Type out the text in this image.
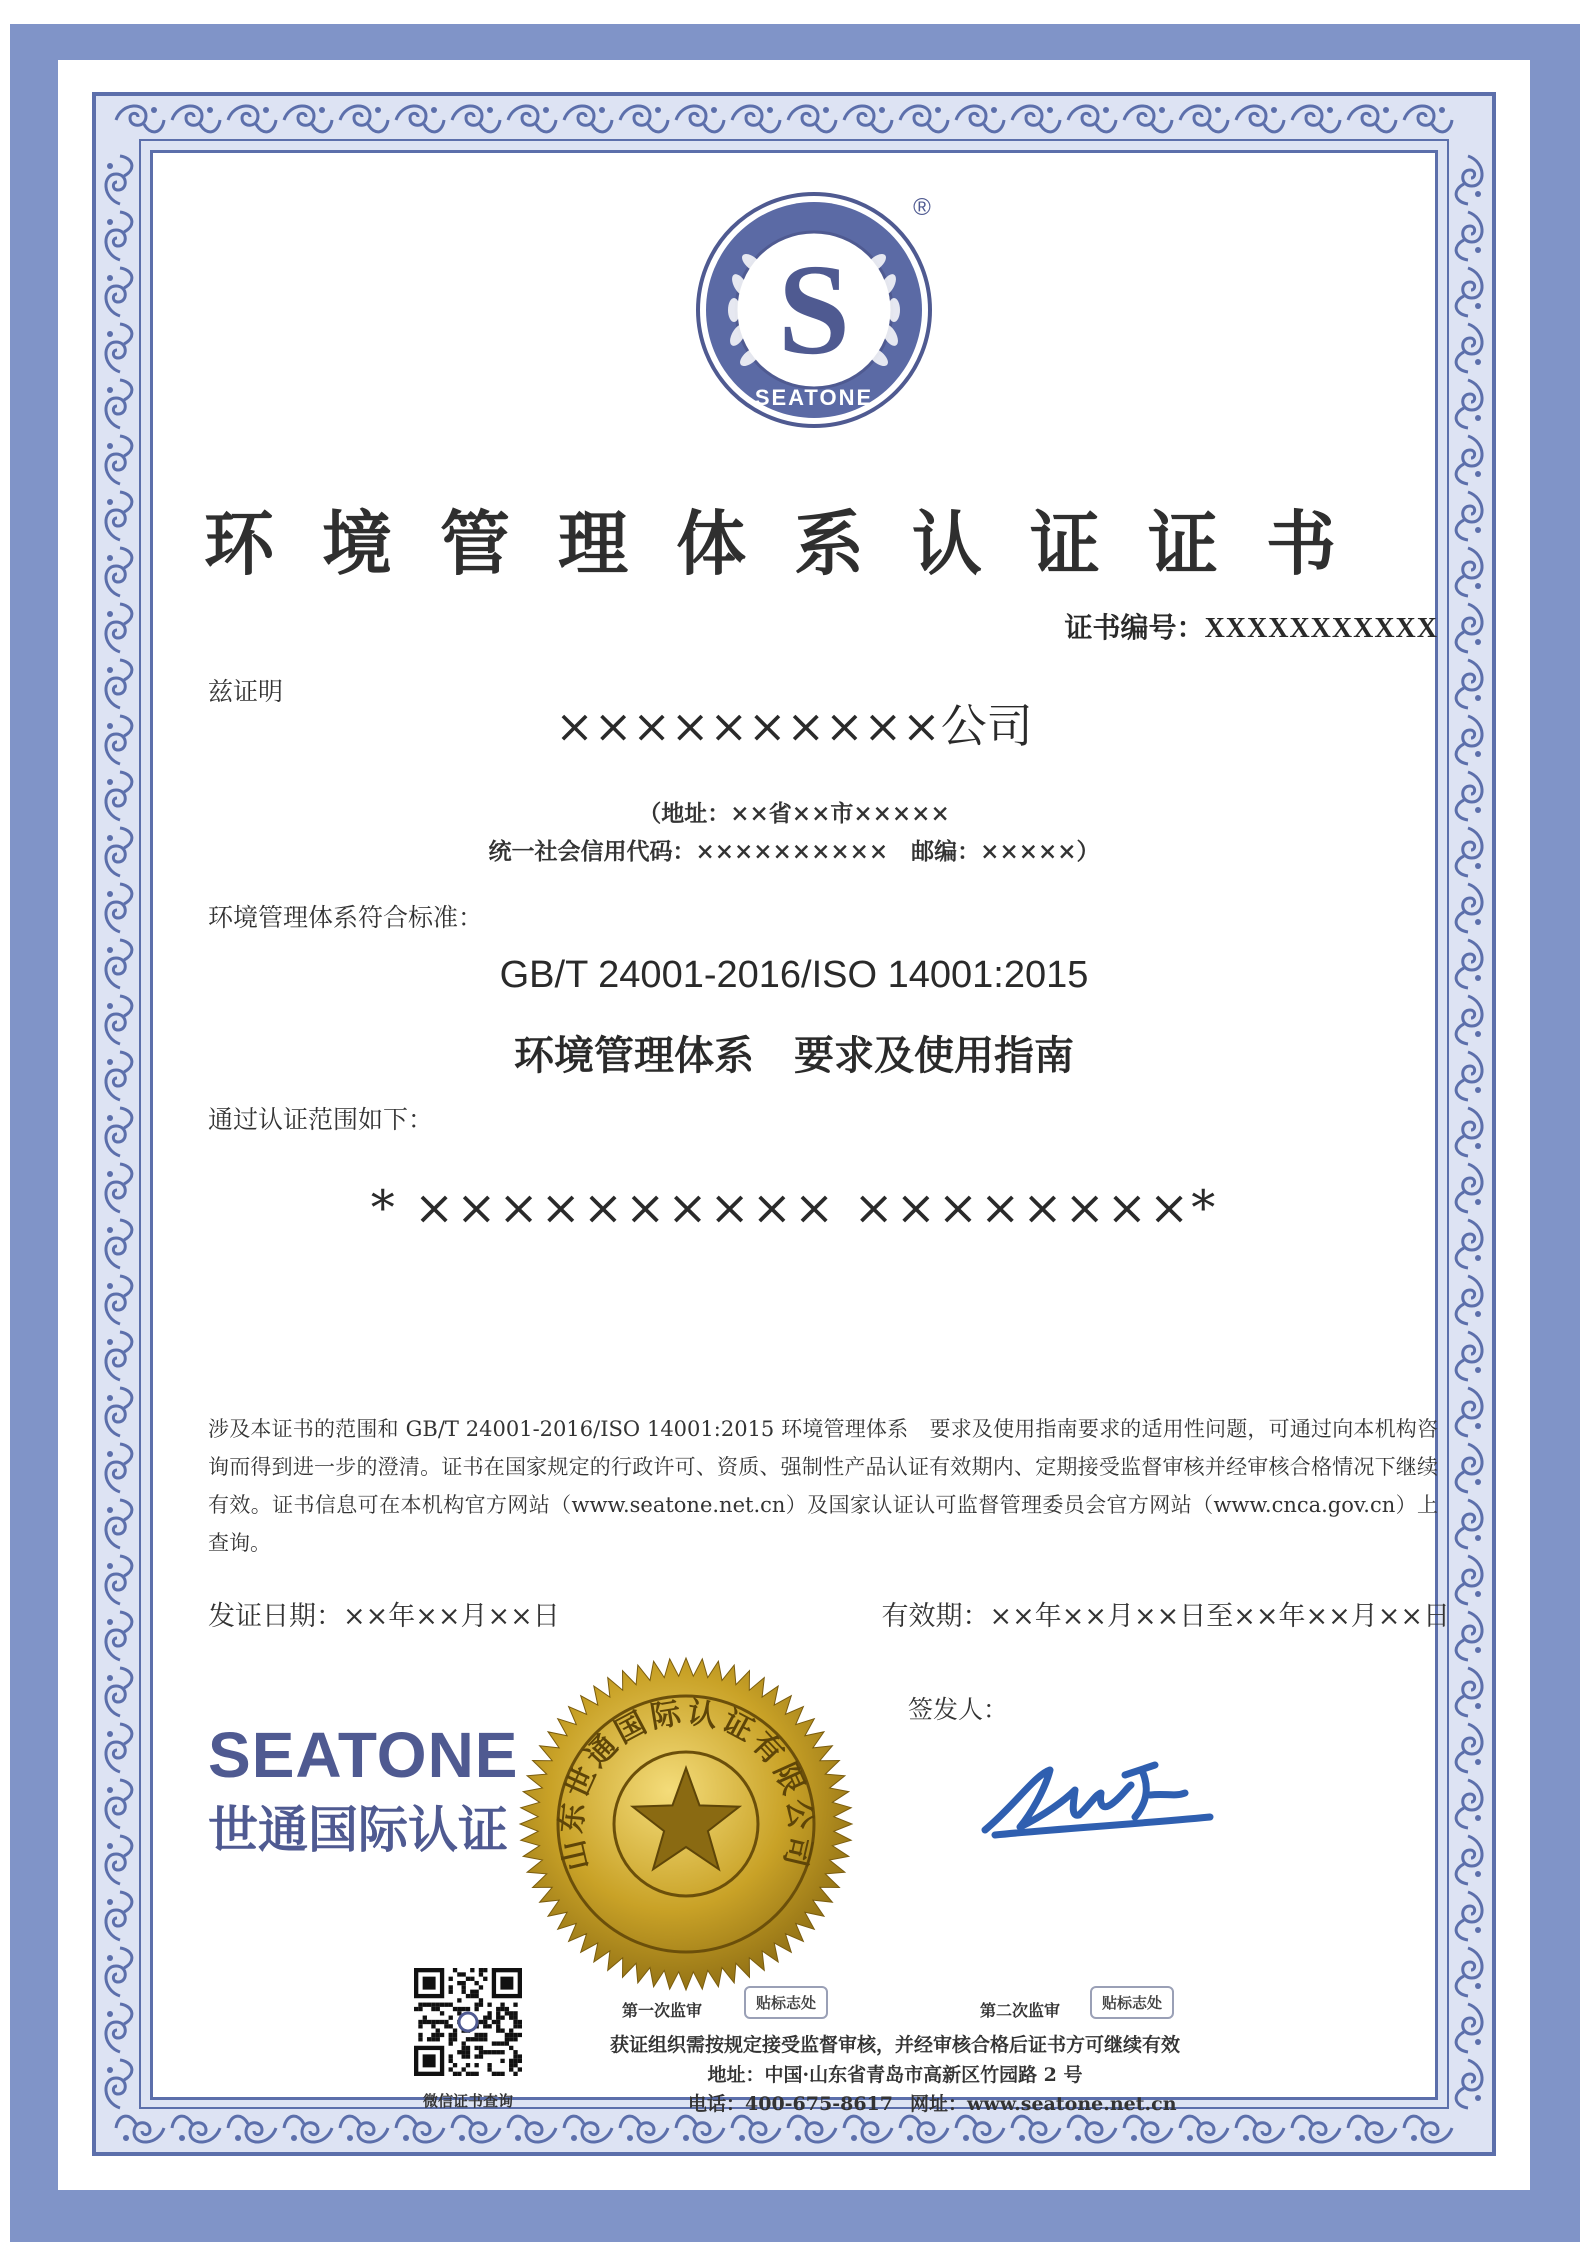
S
SEATONE
®
环境管理体系认证证书
证书编号：XXXXXXXXXXX
兹证明
××××××××××公司
（地址：××省××市×××××
统一社会信用代码：××××××××××　邮编：×××××）
环境管理体系符合标准：
GB/T 24001-2016/ISO 14001:2015
环境管理体系　要求及使用指南
通过认证范围如下：
* ×××××××××× ××××××××*
涉及本证书的范围和 GB/T 24001-2016/ISO 14001:2015 环境管理体系　要求及使用指南要求的适用性问题，可通过向本机构咨询而得到进一步的澄清。证书在国家规定的行政许可、资质、强制性产品认证有效期内、定期接受监督审核并经审核合格情况下继续有效。证书信息可在本机构官方网站（www.seatone.net.cn）及国家认证认可监督管理委员会官方网站（www.cnca.gov.cn）上查询。
发证日期：××年××月××日	有效期：××年××月××日至××年××月××日
签发人：
SEATONE
世通国际认证 山东世通国际认证有限公司
微信证书查询
第一次监审	贴标志处	第二次监审	贴标志处
获证组织需按规定接受监督审核，并经审核合格后证书方可继续有效
地址：中国·山东省青岛市高新区竹园路 2 号
电话：400-675-8617 网址：www.seatone.net.cn
